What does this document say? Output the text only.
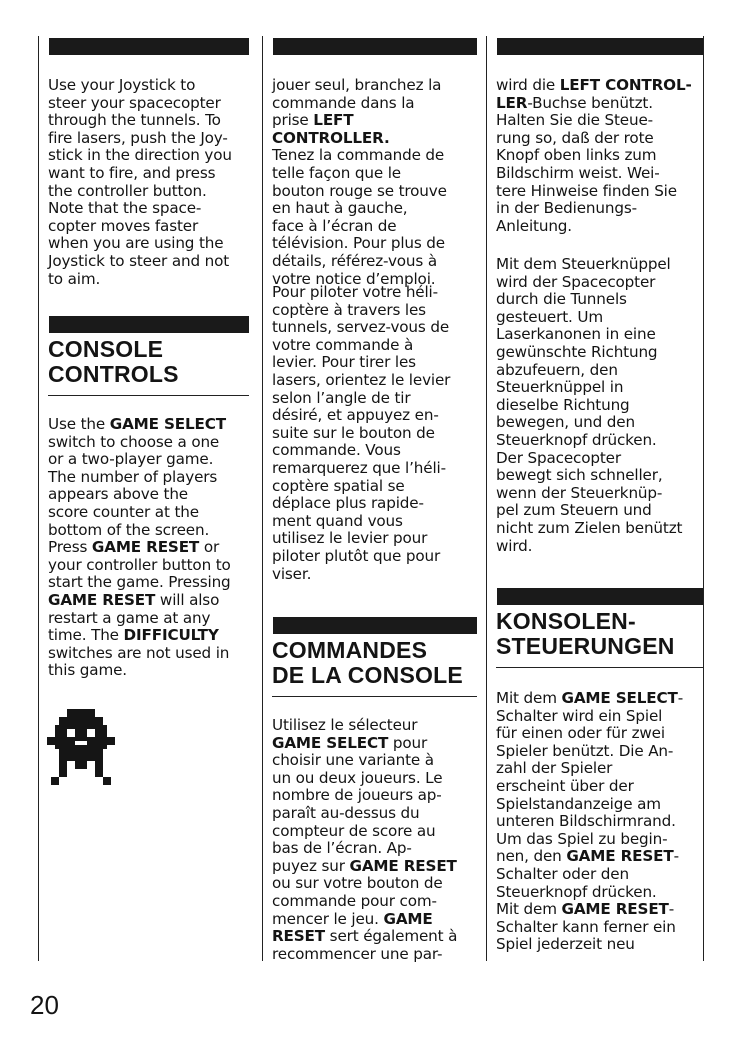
Use your Joystick to
steer your spacecopter
through the tunnels. To
fire lasers, push the Joy-
stick in the direction you
want to fire, and press
the controller button.
Note that the space-
copter moves faster
when you are using the
Joystick to steer and not
to aim.
CONSOLE
CONTROLS
Use the GAME SELECT
switch to choose a one
or a two-player game.
The number of players
appears above the
score counter at the
bottom of the screen.
Press GAME RESET or
your controller button to
start the game. Pressing
GAME RESET will also
restart a game at any
time. The DIFFICULTY
switches are not used in
this game.
jouer seul, branchez la
commande dans la
prise LEFT CONTROLLER.
Tenez la commande de
telle façon que le
bouton rouge se trouve
en haut à gauche,
face à l’écran de
télévision. Pour plus de
détails, référez-vous à
votre notice d’emploi.
Pour piloter votre héli-
coptère à travers les
tunnels, servez-vous de
votre commande à
levier. Pour tirer les
lasers, orientez le levier
selon l’angle de tir
désiré, et appuyez en-
suite sur le bouton de
commande. Vous
remarquerez que l’héli-
coptère spatial se
déplace plus rapide-
ment quand vous
utilisez le levier pour
piloter plutôt que pour
viser.
COMMANDES
DE LA CONSOLE
Utilisez le sélecteur
GAME SELECT pour
choisir une variante à
un ou deux joueurs. Le
nombre de joueurs ap-
paraît au-dessus du
compteur de score au
bas de l’écran. Ap-
puyez sur GAME RESET
ou sur votre bouton de
commande pour com-
mencer le jeu. GAME
RESET sert également à
recommencer une par-
wird die LEFT CONTROL-
LER-Buchse benützt.
Halten Sie die Steue-
rung so, daß der rote
Knopf oben links zum
Bildschirm weist. Wei-
tere Hinweise finden Sie
in der Bedienungs-
Anleitung.
Mit dem Steuerknüppel
wird der Spacecopter
durch die Tunnels
gesteuert. Um
Laserkanonen in eine
gewünschte Richtung
abzufeuern, den
Steuerknüppel in
dieselbe Richtung
bewegen, und den
Steuerknopf drücken.
Der Spacecopter
bewegt sich schneller,
wenn der Steuerknüp-
pel zum Steuern und
nicht zum Zielen benützt
wird.
KONSOLEN-
STEUERUNGEN
Mit dem GAME SELECT-
Schalter wird ein Spiel
für einen oder für zwei
Spieler benützt. Die An-
zahl der Spieler
erscheint über der
Spielstandanzeige am
unteren Bildschirmrand.
Um das Spiel zu begin-
nen, den GAME RESET-
Schalter oder den
Steuerknopf drücken.
Mit dem GAME RESET-
Schalter kann ferner ein
Spiel jederzeit neu
20
